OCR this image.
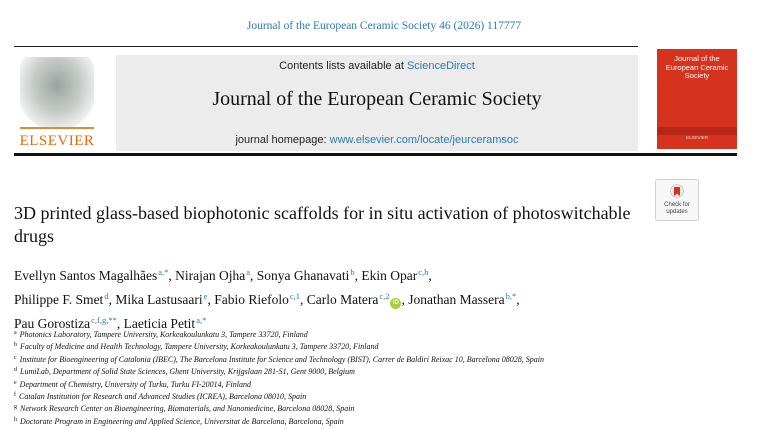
Journal of the European Ceramic Society 46 (2026) 117777
ELSEVIER
Contents lists available at ScienceDirect
Journal of the European Ceramic Society
journal homepage: www.elsevier.com/locate/jeurceramsoc
Journal of the European Ceramic Society
ELSEVIER
Check for updates
3D printed glass-based biophotonic scaffolds for in situ activation of photoswitchable drugs
Evellyn Santos Magalhães$^{a,*}$, Nirajan Ojha$^a$, Sonya Ghanavati$^b$, Ekin Opar$^{c,h}$,
Philippe F. Smet$^d$, Mika Lastusaari$^e$, Fabio Riefolo$^{c,1}$, Carlo Matera$^{c,2}$iD , Jonathan Massera$^{b,*}$,
Pau Gorostiza$^{c,f,g,**}$, Laeticia Petit$^{a,*}$
$^a$ Photonics Laboratory, Tampere University, Korkeakoulunkatu 3, Tampere 33720, Finland
$^b$ Faculty of Medicine and Health Technology, Tampere University, Korkeakoulunkatu 3, Tampere 33720, Finland
$^c$ Institute for Bioengineering of Catalonia (IBEC), The Barcelona Institute for Science and Technology (BIST), Carrer de Baldiri Reixac 10, Barcelona 08028, Spain
$^d$ LumiLab, Department of Solid State Sciences, Ghent University, Krijgslaan 281-S1, Gent 9000, Belgium
$^e$ Department of Chemistry, University of Turku, Turku FI-20014, Finland
$^f$ Catalan Institution for Research and Advanced Studies (ICREA), Barcelona 08010, Spain
$^g$ Network Research Center on Bioengineering, Biomaterials, and Nanomedicine, Barcelona 08028, Spain
$^h$ Doctorate Program in Engineering and Applied Science, Universitat de Barcelona, Barcelona, Spain
